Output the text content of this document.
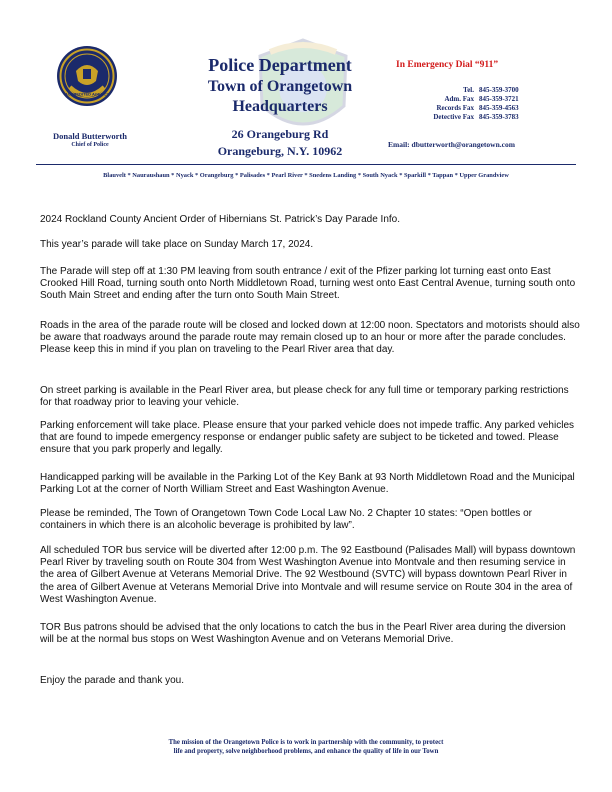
ACCREDITED AGENCY
Donald Butterworth
Chief of Police
Police Department
Town of Orangetown
Headquarters
26 Orangeburg Rd
Orangeburg, N.Y. 10962
In Emergency Dial “911”
Tel. 845-359-3700
Adm. Fax 845-359-3721
Records Fax 845-359-4563
Detective Fax 845-359-3783
Email: dbutterworth@orangetown.com
Blauvelt * Nauraushaun * Nyack * Orangeburg * Palisades * Pearl River * Snedens Landing * South Nyack * Sparkill * Tappan * Upper Grandview
2024 Rockland County Ancient Order of Hibernians St. Patrick’s Day Parade Info.
This year’s parade will take place on Sunday March 17, 2024.
The Parade will step off at 1:30 PM leaving from south entrance / exit of the Pfizer parking lot turning east onto East Crooked Hill Road, turning south onto North Middletown Road, turning west onto East Central Avenue, turning south onto South Main Street and ending after the turn onto South Main Street.
Roads in the area of the parade route will be closed and locked down at 12:00 noon. Spectators and motorists should also be aware that roadways around the parade route may remain closed up to an hour or more after the parade concludes. Please keep this in mind if you plan on traveling to the Pearl River area that day.
On street parking is available in the Pearl River area, but please check for any full time or temporary parking restrictions for that roadway prior to leaving your vehicle.
Parking enforcement will take place. Please ensure that your parked vehicle does not impede traffic. Any parked vehicles that are found to impede emergency response or endanger public safety are subject to be ticketed and towed. Please ensure that you park properly and legally.
Handicapped parking will be available in the Parking Lot of the Key Bank at 93 North Middletown Road and the Municipal Parking Lot at the corner of North William Street and East Washington Avenue.
Please be reminded, The Town of Orangetown Town Code Local Law No. 2 Chapter 10 states: “Open bottles or containers in which there is an alcoholic beverage is prohibited by law”.
All scheduled TOR bus service will be diverted after 12:00 p.m. The 92 Eastbound (Palisades Mall) will bypass downtown Pearl River by traveling south on Route 304 from West Washington Avenue into Montvale and then resuming service in the area of Gilbert Avenue at Veterans Memorial Drive. The 92 Westbound (SVTC) will bypass downtown Pearl River in the area of Gilbert Avenue at Veterans Memorial Drive into Montvale and will resume service on Route 304 in the area of West Washington Avenue.
TOR Bus patrons should be advised that the only locations to catch the bus in the Pearl River area during the diversion will be at the normal bus stops on West Washington Avenue and on Veterans Memorial Drive.
Enjoy the parade and thank you.
The mission of the Orangetown Police is to work in partnership with the community, to protect
life and property, solve neighborhood problems, and enhance the quality of life in our Town
